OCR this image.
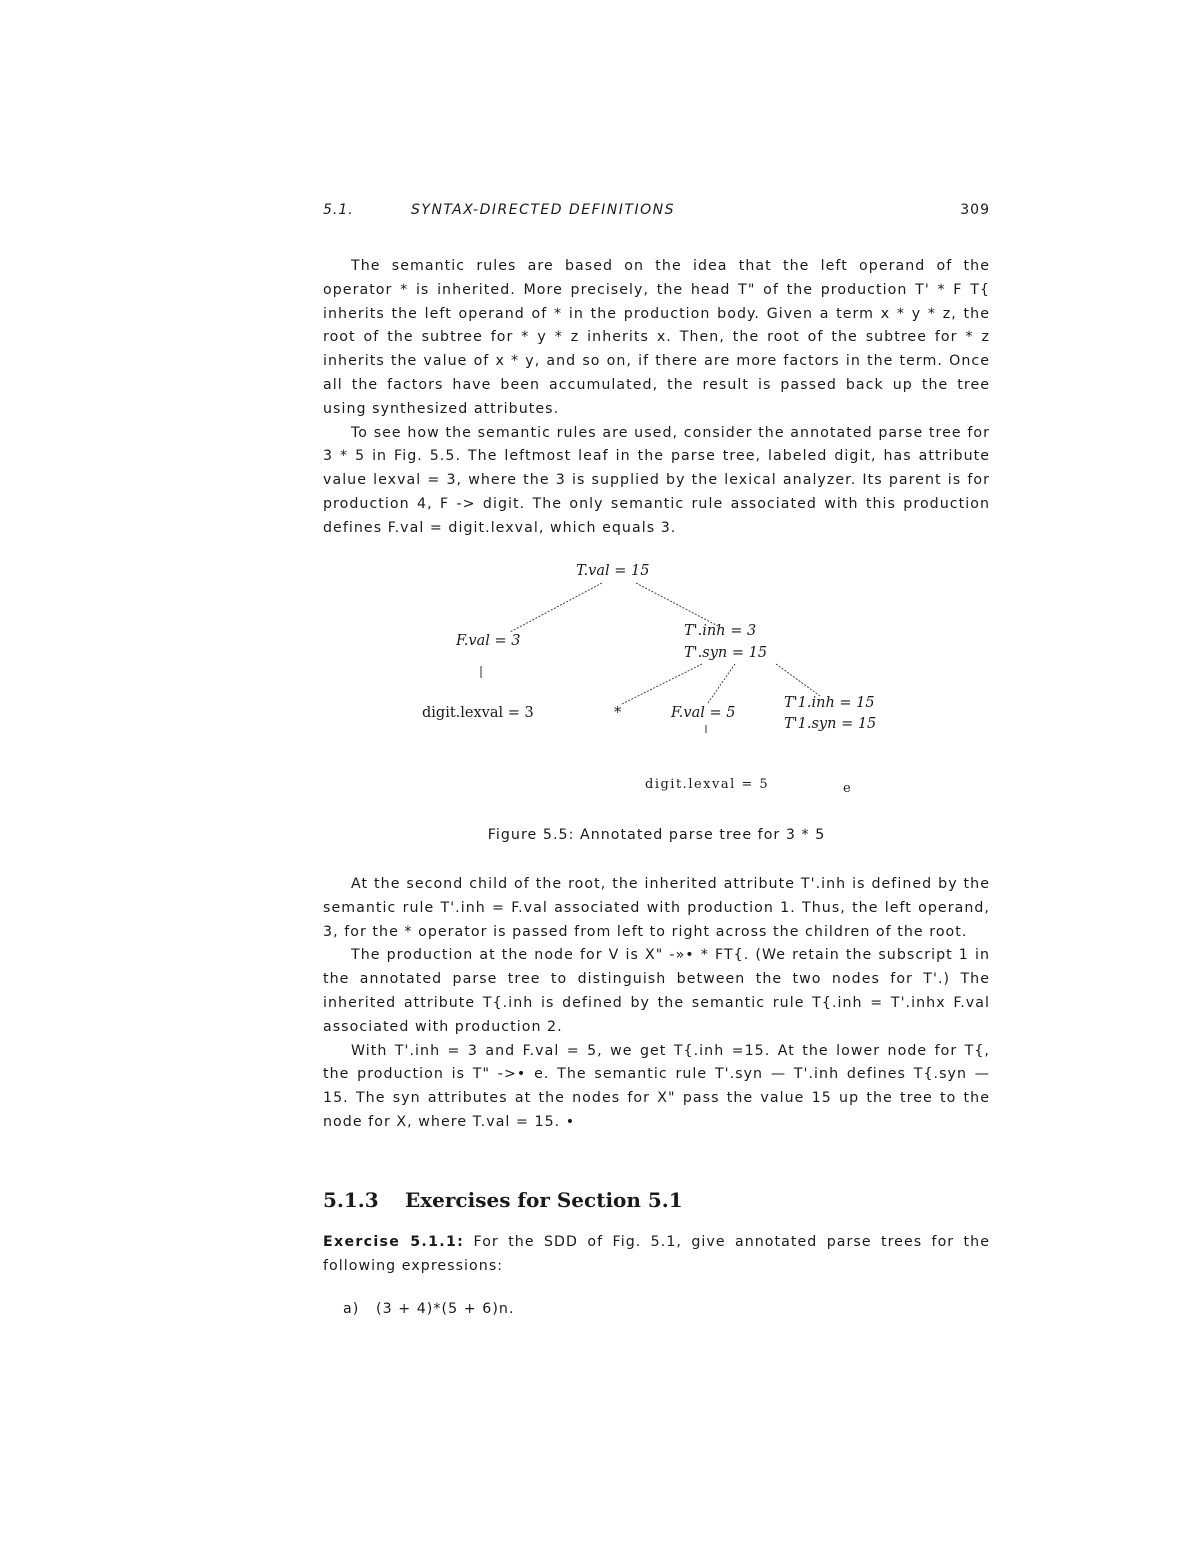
5.1.	SYNTAX-DIRECTED DEFINITIONS	309

The semantic rules are based on the idea that the left operand of the operator * is inherited. More precisely, the head T" of the production T' * F T{ inherits the left operand of * in the production body. Given a term x * y * z, the root of the subtree for * y * z inherits x. Then, the root of the subtree for * z inherits the value of x * y, and so on, if there are more factors in the term. Once all the factors have been accumulated, the result is passed back up the tree using synthesized attributes.

To see how the semantic rules are used, consider the annotated parse tree for 3 * 5 in Fig. 5.5. The leftmost leaf in the parse tree, labeled digit, has attribute value lexval = 3, where the 3 is supplied by the lexical analyzer. Its parent is for production 4, F -> digit. The only semantic rule associated with this production defines F.val = digit.lexval, which equals 3.

T.val = 15
F.val = 3
T'.inh = 3
T'.syn = 15
digit.lexval = 3	*	F.val = 5
T'1.inh = 15
T'1.syn = 15
digit.lexval = 5	e
Figure 5.5: Annotated parse tree for 3 * 5

At the second child of the root, the inherited attribute T'.inh is defined by the semantic rule T'.inh = F.val associated with production 1. Thus, the left operand, 3, for the * operator is passed from left to right across the children of the root.

The production at the node for V is X" -»• * FT{. (We retain the subscript 1 in the annotated parse tree to distinguish between the two nodes for T'.) The inherited attribute T{.inh is defined by the semantic rule T{.inh = T'.inhx F.val associated with production 2.

With T'.inh = 3 and F.val = 5, we get T{.inh =15. At the lower node for T{, the production is T" ->• e. The semantic rule T'.syn — T'.inh defines T{.syn — 15. The syn attributes at the nodes for X" pass the value 15 up the tree to the node for X, where T.val = 15. •

5.1.3 Exercises for Section 5.1

Exercise 5.1.1: For the SDD of Fig. 5.1, give annotated parse trees for the following expressions:

a) (3 + 4)*(5 + 6)n.
